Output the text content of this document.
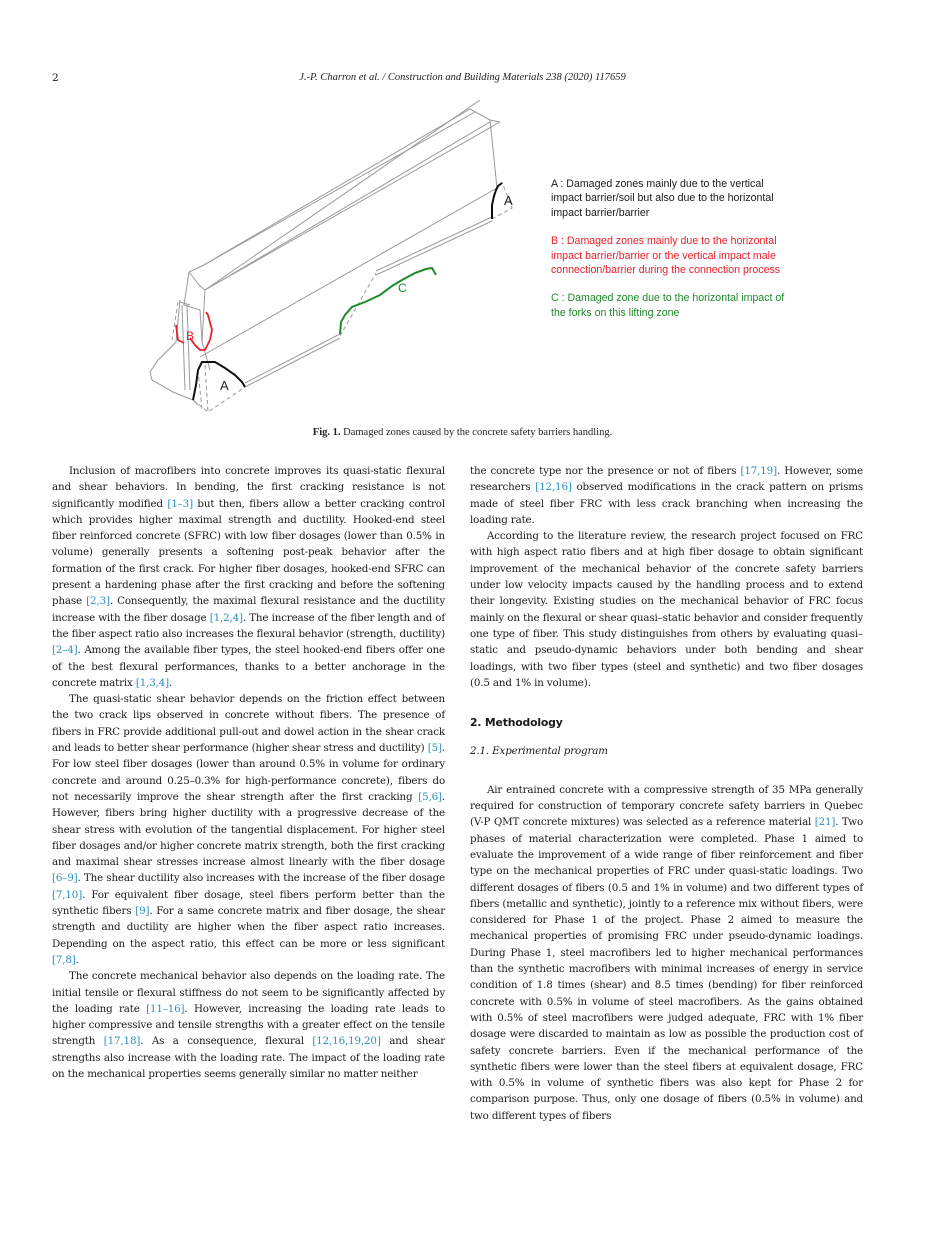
2	J.-P. Charron et al. / Construction and Building Materials 238 (2020) 117659
A
A
B
C

A : Damaged zones mainly due to the vertical impact barrier/soil but also due to the horizontal impact barrier/barrier

B : Damaged zones mainly due to the horizontal impact barrier/barrier or the vertical impact male connection/barrier during the connection process

C : Damaged zone due to the horizontal impact of the forks on this lifting zone

Fig. 1. Damaged zones caused by the concrete safety barriers handling.

Inclusion of macrofibers into concrete improves its quasi-static flexural and shear behaviors. In bending, the first cracking resistance is not significantly modified [1–3] but then, fibers allow a better cracking control which provides higher maximal strength and ductility. Hooked-end steel fiber reinforced concrete (SFRC) with low fiber dosages (lower than 0.5% in volume) generally presents a softening post-peak behavior after the formation of the first crack. For higher fiber dosages, hooked-end SFRC can present a hardening phase after the first cracking and before the softening phase [2,3]. Consequently, the maximal flexural resistance and the ductility increase with the fiber dosage [1,2,4]. The increase of the fiber length and of the fiber aspect ratio also increases the flexural behavior (strength, ductility) [2–4]. Among the available fiber types, the steel hooked-end fibers offer one of the best flexural performances, thanks to a better anchorage in the concrete matrix [1,3,4].

The quasi-static shear behavior depends on the friction effect between the two crack lips observed in concrete without fibers. The presence of fibers in FRC provide additional pull-out and dowel action in the shear crack and leads to better shear performance (higher shear stress and ductility) [5]. For low steel fiber dosages (lower than around 0.5% in volume for ordinary concrete and around 0.25–0.3% for high-performance concrete), fibers do not necessarily improve the shear strength after the first cracking [5,6]. However, fibers bring higher ductility with a progressive decrease of the shear stress with evolution of the tangential displacement. For higher steel fiber dosages and/or higher concrete matrix strength, both the first cracking and maximal shear stresses increase almost linearly with the fiber dosage [6–9]. The shear ductility also increases with the increase of the fiber dosage [7,10]. For equivalent fiber dosage, steel fibers perform better than the synthetic fibers [9]. For a same concrete matrix and fiber dosage, the shear strength and ductility are higher when the fiber aspect ratio increases. Depending on the aspect ratio, this effect can be more or less significant [7,8].

The concrete mechanical behavior also depends on the loading rate. The initial tensile or flexural stiffness do not seem to be significantly affected by the loading rate [11–16]. However, increasing the loading rate leads to higher compressive and tensile strengths with a greater effect on the tensile strength [17,18]. As a consequence, flexural [12,16,19,20] and shear strengths also increase with the loading rate. The impact of the loading rate on the mechanical properties seems generally similar no matter neither

the concrete type nor the presence or not of fibers [17,19]. However, some researchers [12,16] observed modifications in the crack pattern on prisms made of steel fiber FRC with less crack branching when increasing the loading rate.

According to the literature review, the research project focused on FRC with high aspect ratio fibers and at high fiber dosage to obtain significant improvement of the mechanical behavior of the concrete safety barriers under low velocity impacts caused by the handling process and to extend their longevity. Existing studies on the mechanical behavior of FRC focus mainly on the flexural or shear quasi–static behavior and consider frequently one type of fiber. This study distinguishes from others by evaluating quasi–static and pseudo-dynamic behaviors under both bending and shear loadings, with two fiber types (steel and synthetic) and two fiber dosages (0.5 and 1% in volume).

2. Methodology
2.1. Experimental program

Air entrained concrete with a compressive strength of 35 MPa generally required for construction of temporary concrete safety barriers in Quebec (V-P QMT concrete mixtures) was selected as a reference material [21]. Two phases of material characterization were completed. Phase 1 aimed to evaluate the improvement of a wide range of fiber reinforcement and fiber type on the mechanical properties of FRC under quasi-static loadings. Two different dosages of fibers (0.5 and 1% in volume) and two different types of fibers (metallic and synthetic), jointly to a reference mix without fibers, were considered for Phase 1 of the project. Phase 2 aimed to measure the mechanical properties of promising FRC under pseudo-dynamic loadings. During Phase 1, steel macrofibers led to higher mechanical performances than the synthetic macrofibers with minimal increases of energy in service condition of 1.8 times (shear) and 8.5 times (bending) for fiber reinforced concrete with 0.5% in volume of steel macrofibers. As the gains obtained with 0.5% of steel macrofibers were judged adequate, FRC with 1% fiber dosage were discarded to maintain as low as possible the production cost of safety concrete barriers. Even if the mechanical performance of the synthetic fibers were lower than the steel fibers at equivalent dosage, FRC with 0.5% in volume of synthetic fibers was also kept for Phase 2 for comparison purpose. Thus, only one dosage of fibers (0.5% in volume) and two different types of fibers
